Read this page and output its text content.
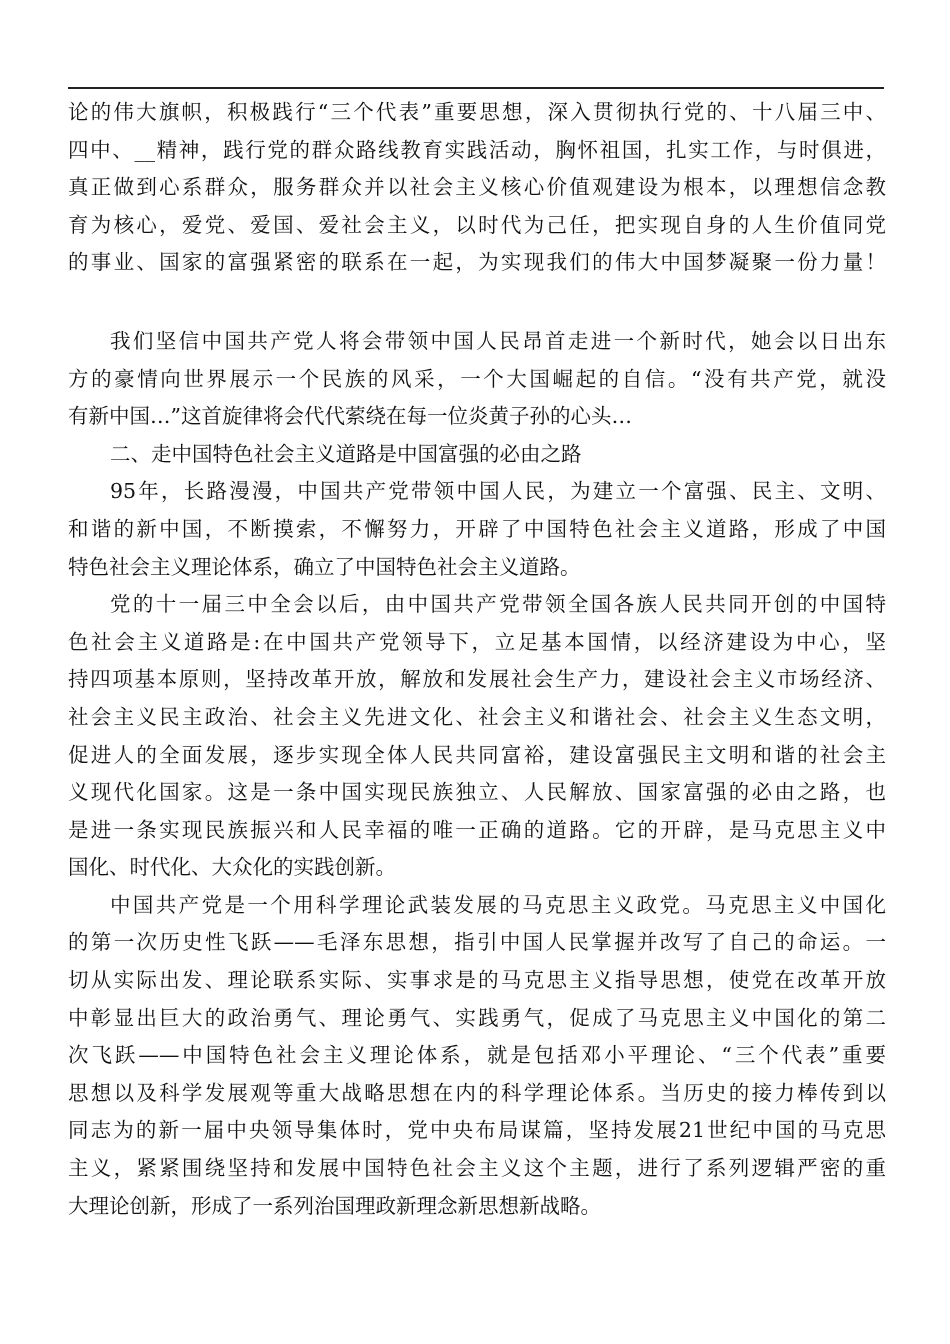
论的伟大旗帜，积极践行“三个代表”重要思想，深入贯彻执行党的、十八届三中、
四中、__精神，践行党的群众路线教育实践活动，胸怀祖国，扎实工作，与时俱进，
真正做到心系群众，服务群众并以社会主义核心价值观建设为根本，以理想信念教
育为核心，爱党、爱国、爱社会主义，以时代为己任，把实现自身的人生价值同党
的事业、国家的富强紧密的联系在一起，为实现我们的伟大中国梦凝聚一份力量！
我们坚信中国共产党人将会带领中国人民昂首走进一个新时代，她会以日出东
方的豪情向世界展示一个民族的风采，一个大国崛起的自信。“没有共产党，就没
有新中国…”这首旋律将会代代萦绕在每一位炎黄子孙的心头…
二、走中国特色社会主义道路是中国富强的必由之路
95年，长路漫漫，中国共产党带领中国人民，为建立一个富强、民主、文明、
和谐的新中国，不断摸索，不懈努力，开辟了中国特色社会主义道路，形成了中国
特色社会主义理论体系，确立了中国特色社会主义道路。
党的十一届三中全会以后，由中国共产党带领全国各族人民共同开创的中国特
色社会主义道路是:在中国共产党领导下，立足基本国情，以经济建设为中心，坚
持四项基本原则，坚持改革开放，解放和发展社会生产力，建设社会主义市场经济、
社会主义民主政治、社会主义先进文化、社会主义和谐社会、社会主义生态文明，
促进人的全面发展，逐步实现全体人民共同富裕，建设富强民主文明和谐的社会主
义现代化国家。这是一条中国实现民族独立、人民解放、国家富强的必由之路，也
是进一条实现民族振兴和人民幸福的唯一正确的道路。它的开辟，是马克思主义中
国化、时代化、大众化的实践创新。
中国共产党是一个用科学理论武装发展的马克思主义政党。马克思主义中国化
的第一次历史性飞跃——毛泽东思想，指引中国人民掌握并改写了自己的命运。一
切从实际出发、理论联系实际、实事求是的马克思主义指导思想，使党在改革开放
中彰显出巨大的政治勇气、理论勇气、实践勇气，促成了马克思主义中国化的第二
次飞跃——中国特色社会主义理论体系，就是包括邓小平理论、“三个代表”重要
思想以及科学发展观等重大战略思想在内的科学理论体系。当历史的接力棒传到以
同志为的新一届中央领导集体时，党中央布局谋篇，坚持发展21世纪中国的马克思
主义，紧紧围绕坚持和发展中国特色社会主义这个主题，进行了系列逻辑严密的重
大理论创新，形成了一系列治国理政新理念新思想新战略。
